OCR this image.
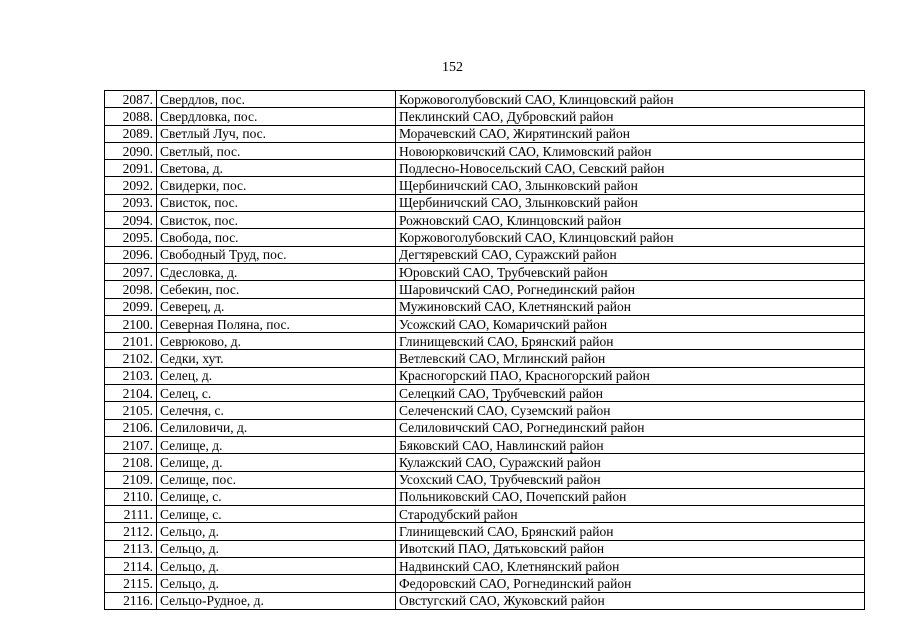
152
2087.	Свердлов, пос.	Коржовоголубовский САО, Клинцовский район
2088.	Свердловка, пос.	Пеклинский САО, Дубровский район
2089.	Светлый Луч, пос.	Морачевский САО, Жирятинский район
2090.	Светлый, пос.	Новоюрковичский САО, Климовский район
2091.	Светова, д.	Подлесно-Новосельский САО, Севский район
2092.	Свидерки, пос.	Щербиничский САО, Злынковский район
2093.	Свисток, пос.	Щербиничский САО, Злынковский район
2094.	Свисток, пос.	Рожновский САО, Клинцовский район
2095.	Свобода, пос.	Коржовоголубовский САО, Клинцовский район
2096.	Свободный Труд, пос.	Дегтяревский САО, Суражский район
2097.	Сдесловка, д.	Юровский САО, Трубчевский район
2098.	Себекин, пос.	Шаровичский САО, Рогнединский район
2099.	Северец, д.	Мужиновский САО, Клетнянский район
2100.	Северная Поляна, пос.	Усожский САО, Комаричский район
2101.	Севрюково, д.	Глинищевский САО, Брянский район
2102.	Седки, хут.	Ветлевский САО, Мглинский район
2103.	Селец, д.	Красногорский ПАО, Красногорский район
2104.	Селец, с.	Селецкий САО, Трубчевский район
2105.	Селечня, с.	Селеченский САО, Суземский район
2106.	Селиловичи, д.	Селиловичский САО, Рогнединский район
2107.	Селище, д.	Бяковский САО, Навлинский район
2108.	Селище, д.	Кулажский САО, Суражский район
2109.	Селище, пос.	Усохский САО, Трубчевский район
2110.	Селище, с.	Польниковский САО, Почепский район
2111.	Селище, с.	Стародубский район
2112.	Сельцо, д.	Глинищевский САО, Брянский район
2113.	Сельцо, д.	Ивотский ПАО, Дятьковский район
2114.	Сельцо, д.	Надвинский САО, Клетнянский район
2115.	Сельцо, д.	Федоровский САО, Рогнединский район
2116.	Сельцо-Рудное, д.	Овстугский САО, Жуковский район
